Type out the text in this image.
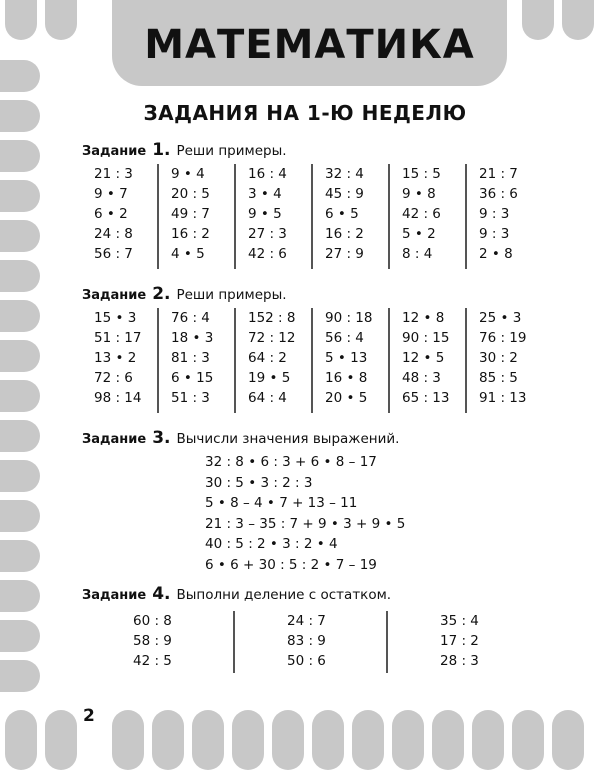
МАТЕМАТИКА
ЗАДАНИЯ НА 1-Ю НЕДЕЛЮ
Задание 1. Реши примеры.
21 : 3
9 • 7
6 • 2
24 : 8
56 : 7
9 • 4
20 : 5
49 : 7
16 : 2
4 • 5
16 : 4
3 • 4
9 • 5
27 : 3
42 : 6
32 : 4
45 : 9
6 • 5
16 : 2
27 : 9
15 : 5
9 • 8
42 : 6
5 • 2
8 : 4
21 : 7
36 : 6
9 : 3
9 : 3
2 • 8
Задание 2. Реши примеры.
15 • 3
51 : 17
13 • 2
72 : 6
98 : 14
76 : 4
18 • 3
81 : 3
6 • 15
51 : 3
152 : 8
72 : 12
64 : 2
19 • 5
64 : 4
90 : 18
56 : 4
5 • 13
16 • 8
20 • 5
12 • 8
90 : 15
12 • 5
48 : 3
65 : 13
25 • 3
76 : 19
30 : 2
85 : 5
91 : 13
Задание 3. Вычисли значения выражений.
32 : 8 • 6 : 3 + 6 • 8 – 17
30 : 5 • 3 : 2 : 3
5 • 8 – 4 • 7 + 13 – 11
21 : 3 – 35 : 7 + 9 • 3 + 9 • 5
40 : 5 : 2 • 3 : 2 • 4
6 • 6 + 30 : 5 : 2 • 7 – 19
Задание 4. Выполни деление с остатком.
60 : 8
58 : 9
42 : 5
24 : 7
83 : 9
50 : 6
35 : 4
17 : 2
28 : 3
2
